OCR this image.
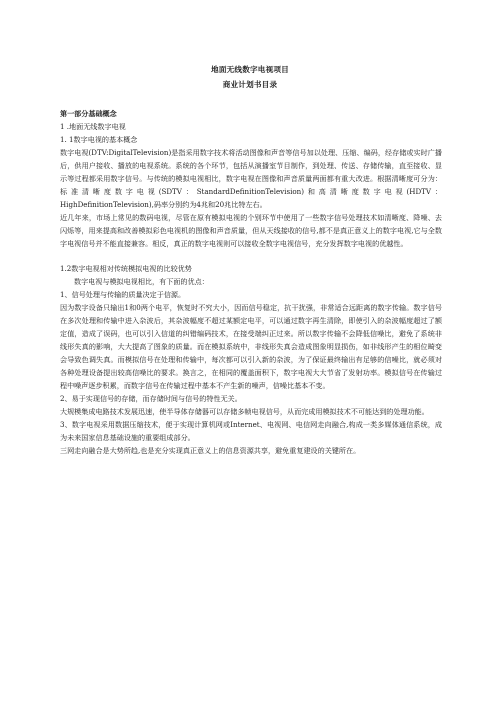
地面无线数字电视项目
商业计划书目录

第一部分基础概念

1 .地面无线数字电视

1. 1数字电视的基本概念

数字电视(DTV:DigitalTelevision)是指采用数字技术将活动图像和声音等信号加以处理、压缩、编码，经存储或实时广播后，供用户接收、播放的电视系统。系统的各个环节，包括从演播室节目制作，到处理、传送、存储传输，直至接收、显示等过程都采用数字信号。与传统的模拟电视相比，数字电视在图像和声音质量两面都有重大改进。根据清晰度可分为：标准清晰度数字电视(SDTV：StandardDefinitionTelevision)和高清晰度数字电视(HDTV：HighDefinitionTelevision),码率分别约为4兆和20兆比特左右。

近几年来，市场上常见的数码电视，尽管在原有模拟电视的个别环节中使用了一些数字信号处理技术如清晰度、降噪、去闪烁等，用来提高和改善模拟彩色电视机的图像和声音质量，但从天线接收的信号,都不是真正意义上的数字电视,它与全数字电视信号并不能直接兼容。相反，真正的数字电视则可以接收全数字电视信号，充分发挥数字电视的优越性。

1.2数字电视相对传统模拟电视的比较优势

数字电视与模拟电视相比，有下面的优点：

1、信号处理与传输的质量决定于信源。

因为数字设备只输出1和0两个电平，恢复时不究大小，因而信号稳定，抗干扰强，非常适合远距离的数字传输。数字信号在多次处理和传输中进入杂波后，其杂波幅度不超过某额定电平，可以通过数字再生清除，即使引入的杂波幅度超过了额定值，造成了误码，也可以引入信道的纠错编码技术，在接受端纠正过来。所以数字传输不会降低信噪比，避免了系统非线形失真的影响，大大提高了图象的质量。而在模拟系统中，非线形失真会造成图象明显损伤，如非线形产生的相位畸变会导致色调失真。而模拟信号在处理和传输中，每次都可以引入新的杂波，为了保证最终输出有足够的信噪比，就必须对各种处理设备提出较高信噪比的要求。换言之，在相同的覆盖面积下，数字电视大大节省了发射功率。模拟信号在传输过程中噪声逐步积累，而数字信号在传输过程中基本不产生新的噪声，信噪比基本不变。

2、易于实现信号的存储，而存储时间与信号的特性无关。

大规模集成电路技术发展迅速，使半导体存储器可以存储多帧电视信号，从而完成用模拟技术不可能达到的处理功能。

3、数字电视采用数据压缩技术，便于实现计算机网或Internet、电视网、电信网走向融合,构成一类多媒体通信系统，成为未来国家信息基础设施的重要组成部分。

三网走向融合是大势所趋,也是充分实现真正意义上的信息资源共享，避免重复建设的关键所在。
